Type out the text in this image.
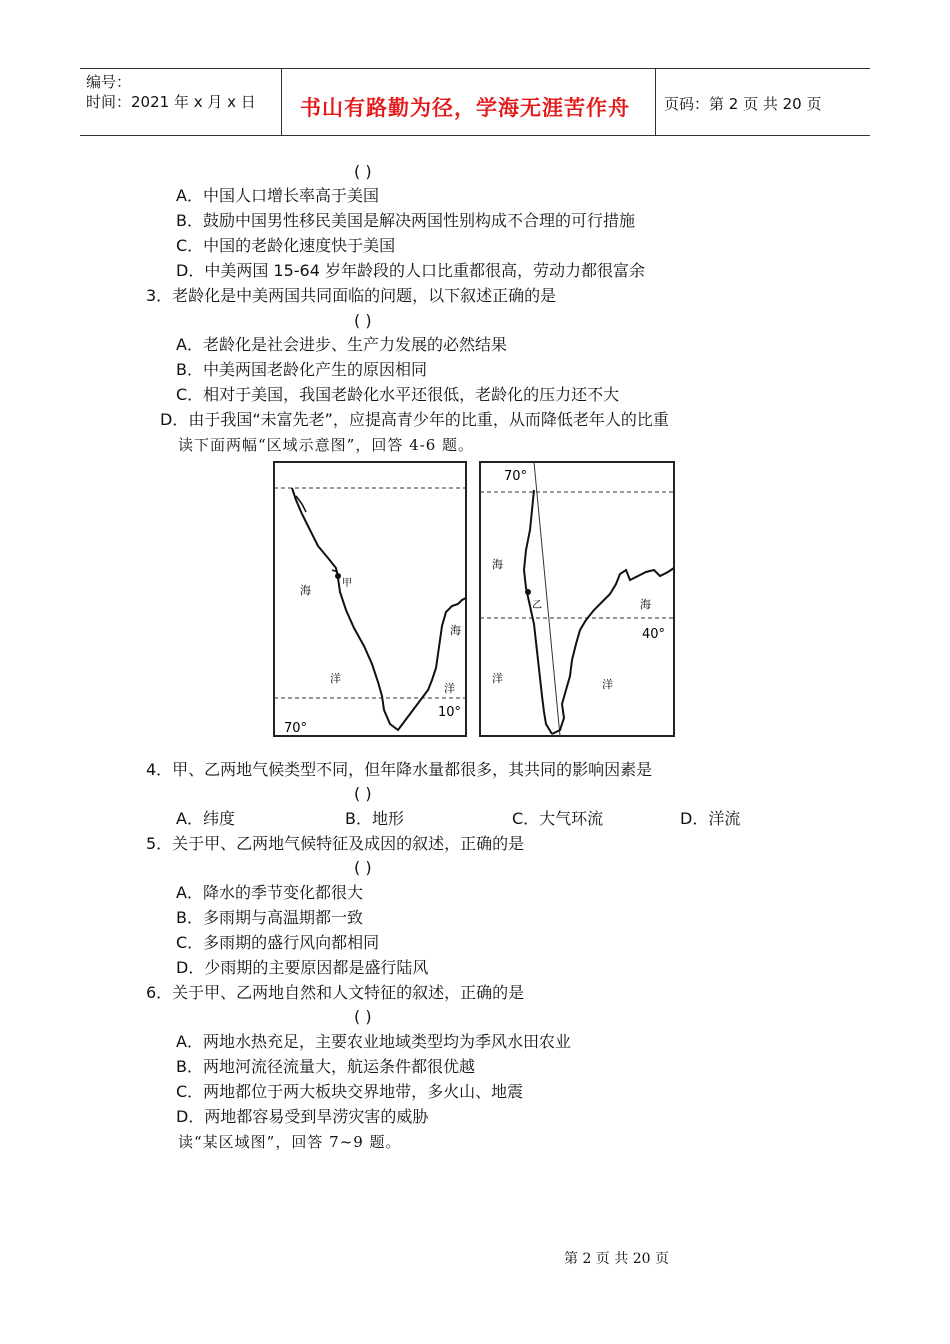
编号：
时间：2021 年 x 月 x 日 书山有路勤为径，学海无涯苦作舟 页码：第 2 页 共 20 页
( )
A．中国人口增长率高于美国
B．鼓励中国男性移民美国是解决两国性别构成不合理的可行措施
C．中国的老龄化速度快于美国
D．中美两国 15-64 岁年龄段的人口比重都很高，劳动力都很富余
3．老龄化是中美两国共同面临的问题，以下叙述正确的是
( )
A．老龄化是社会进步、生产力发展的必然结果
B．中美两国老龄化产生的原因相同
C．相对于美国，我国老龄化水平还很低，老龄化的压力还不大
D．由于我国“未富先老”，应提高青少年的比重，从而降低老年人的比重
读下面两幅“区域示意图”，回答 4-6 题。
甲
海
海
洋
洋
10°
70°
乙
海
海
40°
洋	洋
70°
4．甲、乙两地气候类型不同，但年降水量都很多，其共同的影响因素是
( )
A．纬度	B．地形	C．大气环流	D．洋流
5．关于甲、乙两地气候特征及成因的叙述，正确的是
( )
A．降水的季节变化都很大
B．多雨期与高温期都一致
C．多雨期的盛行风向都相同
D．少雨期的主要原因都是盛行陆风
6．关于甲、乙两地自然和人文特征的叙述，正确的是
( )
A．两地水热充足，主要农业地域类型均为季风水田农业
B．两地河流径流量大，航运条件都很优越
C．两地都位于两大板块交界地带，多火山、地震
D．两地都容易受到旱涝灾害的威胁
读“某区域图”，回答 7~9 题。
第 2 页 共 20 页
